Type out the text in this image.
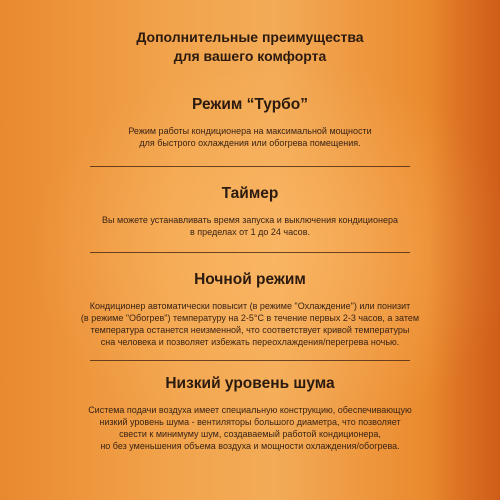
Дополнительные преимущества
для вашего комфорта
Режим “Турбо”

Режим работы кондиционера на максимальной мощности
для быстрого охлаждения или обогрева помещения.

Таймер

Вы можете устанавливать время запуска и выключения кондиционера
в пределах от 1 до 24 часов.

Ночной режим

Кондиционер автоматически повысит (в режиме "Охлаждение") или понизит
(в режиме "Обогрев") температуру на 2-5°C в течение первых 2-3 часов, а затем
температура останется неизменной, что соответствует кривой температуры
сна человека и позволяет избежать переохлаждения/перегрева ночью.

Низкий уровень шума

Система подачи воздуха имеет специальную конструкцию, обеспечивающую
низкий уровень шума - вентиляторы большого диаметра, что позволяет
свести к минимуму шум, создаваемый работой кондиционера,
но без уменьшения объема воздуха и мощности охлаждения/обогрева.
